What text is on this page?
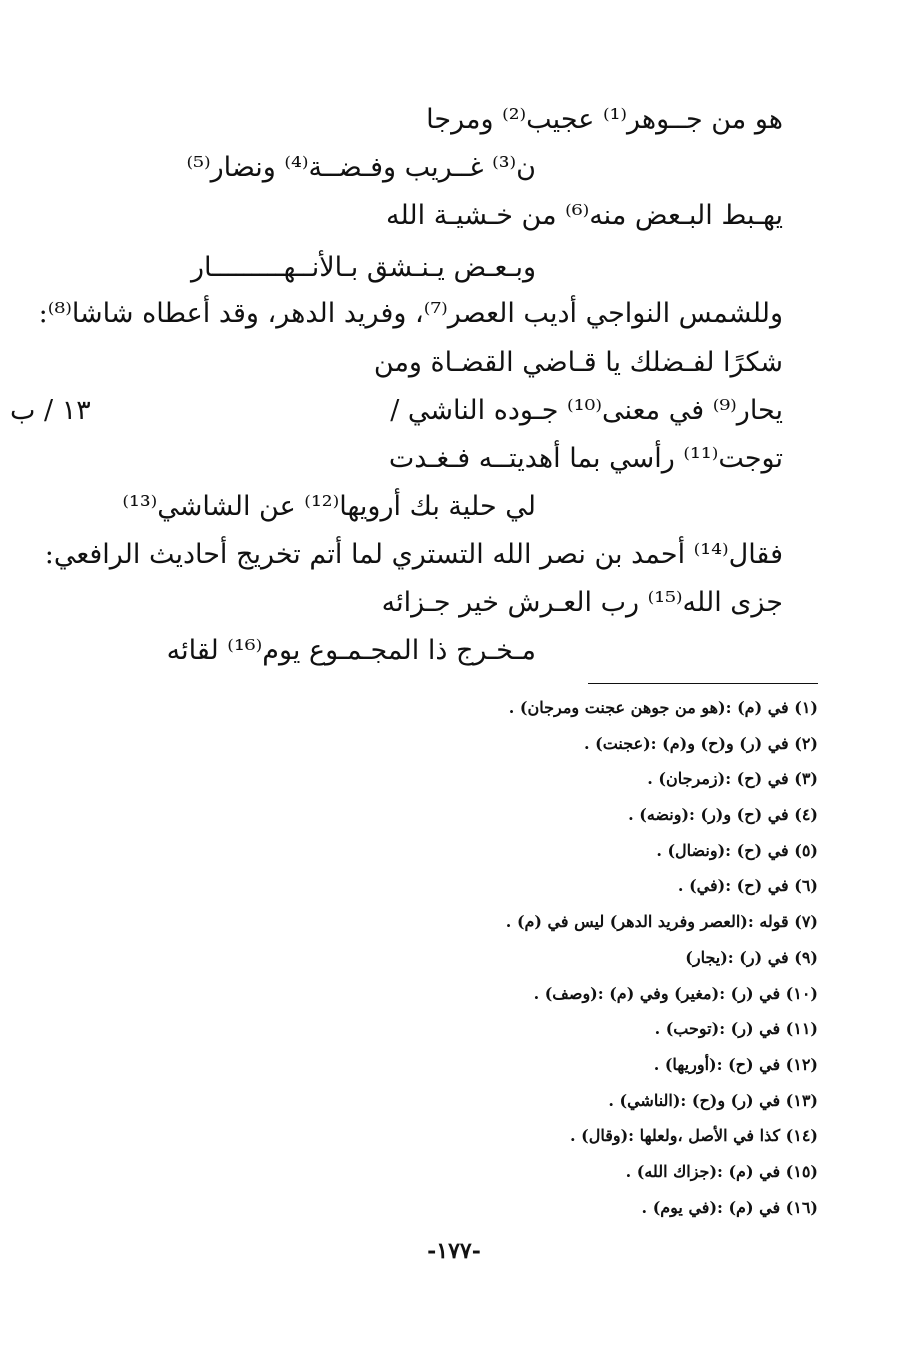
هو من جــوهر⁽¹⁾ عجيب⁽²⁾ ومرجا
ن⁽³⁾ غــريب وفـضــة⁽⁴⁾ ونضار⁽⁵⁾
يهـبط البـعض منه⁽⁶⁾ من خـشيـة الله
وبـعـض يـنـشق بـالأنــهـــــــــار
وللشمس النواجي أديب العصر⁽⁷⁾، وفريد الدهر، وقد أعطاه شاشا⁽⁸⁾:
شكرًا لفـضلك يا قـاضي القضـاة ومن
يحار⁽⁹⁾ في معنى⁽¹⁰⁾ جـوده الناشي /
توجت⁽¹¹⁾ رأسي بما أهديتــه فـغـدت
لي حلية بك أرويها⁽¹²⁾ عن الشاشي⁽¹³⁾
فقال⁽¹⁴⁾ أحمد بن نصر الله التستري لما أتم تخريج أحاديث الرافعي:
جزى الله⁽¹⁵⁾ رب العـرش خير جـزائه
مـخـرج ذا المجـمـوع يوم⁽¹⁶⁾ لقائه
١٣ / ب
(١) في (م) :(هو من جوهن عجنت ومرجان) .
(٢) في (ر) و(ح) و(م) :(عجنت) .
(٣) في (ح) :(زمرجان) .
(٤) في (ح) و(ر) :(ونضه) .
(٥) في (ح) :(ونضال) .
(٦) في (ح) :(في) .
(٧) قوله :(العصر وفريد الدهر) ليس في (م) .
(٩) في (ر) :(يجار)
(١٠) في (ر) :(مغير) وفي (م) :(وصف) .
(١١) في (ر) :(توحب) .
(١٢) في (ح) :(أوريها) .
(١٣) في (ر) و(ح) :(الناشي) .
(١٤) كذا في الأصل ،ولعلها :(وقال) .
(١٥) في (م) :(جزاك الله) .
(١٦) في (م) :(في يوم) .
-١٧٧-
